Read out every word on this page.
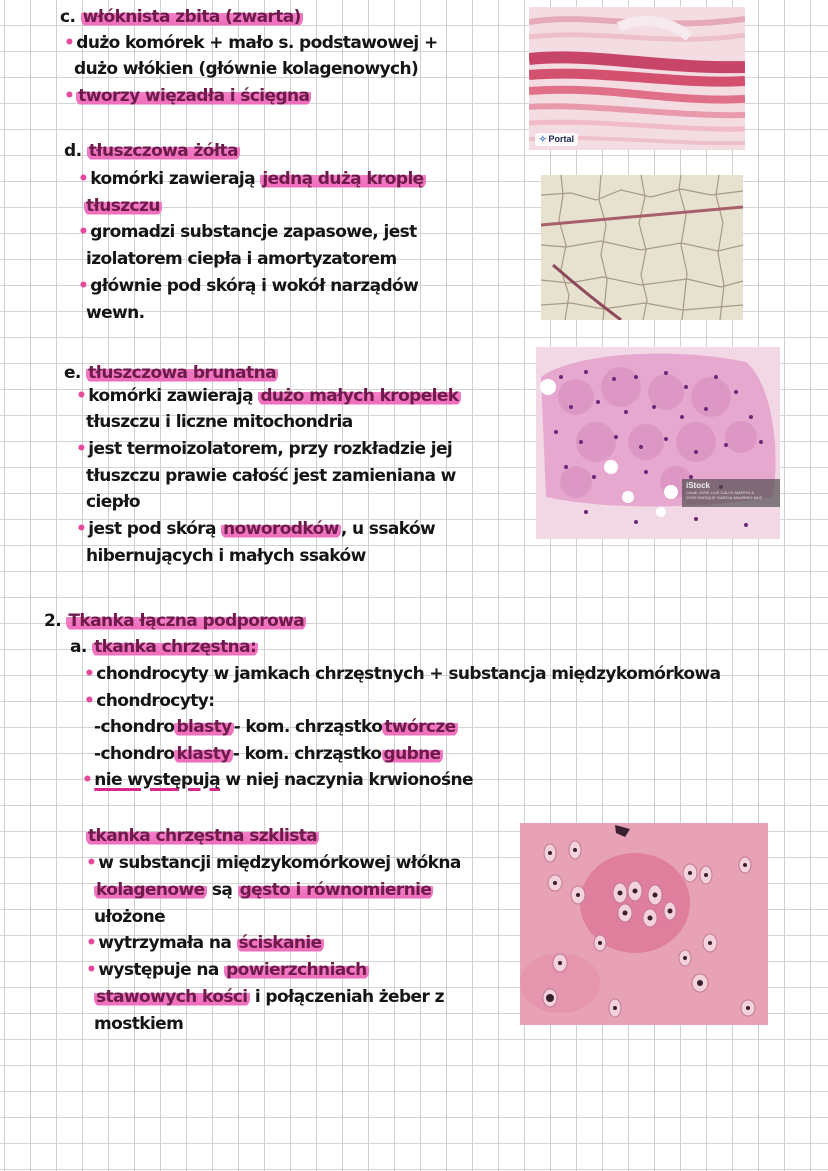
c. włóknista zbita (zwarta)
• dużo komórek + mało s. podstawowej +
dużo włókien (głównie kolagenowych)
• tworzy więzadła i ścięgna
✧ Portal
d. tłuszczowa żółta
• komórki zawierają jedną dużą kroplę
tłuszczu
• gromadzi substancje zapasowe, jest
izolatorem ciepła i amortyzatorem
• głównie pod skórą i wokół narządów
wewn.
e. tłuszczowa brunatna
• komórki zawierają dużo małych kropelek
tłuszczu i liczne mitochondria
• jest termoizolatorem, przy rozkładzie jej
tłuszczu prawie całość jest zamieniana w
ciepło
• jest pod skórą noworodków , u ssaków
hibernujących i małych ssaków
iStock
Credit: JOSE LUIS CALVO MARTIN &
JOSE ENRIQUE GARCIA-MAURINO MUZ
2. Tkanka łączna podporowa
a. tkanka chrzęstna:
• chondrocyty w jamkach chrzęstnych + substancja międzykomórkowa
• chondrocyty:
-chondro blasty - kom. chrząstko twórcze
-chondro klasty - kom. chrząstko gubne
• nie występują w niej naczynia krwionośne
tkanka chrzęstna szklista
• w substancji międzykomórkowej włókna
kolagenowe są gęsto i równomiernie
ułożone
• wytrzymała na ściskanie
• występuje na powierzchniach
stawowych kości i połączeniah żeber z
mostkiem
